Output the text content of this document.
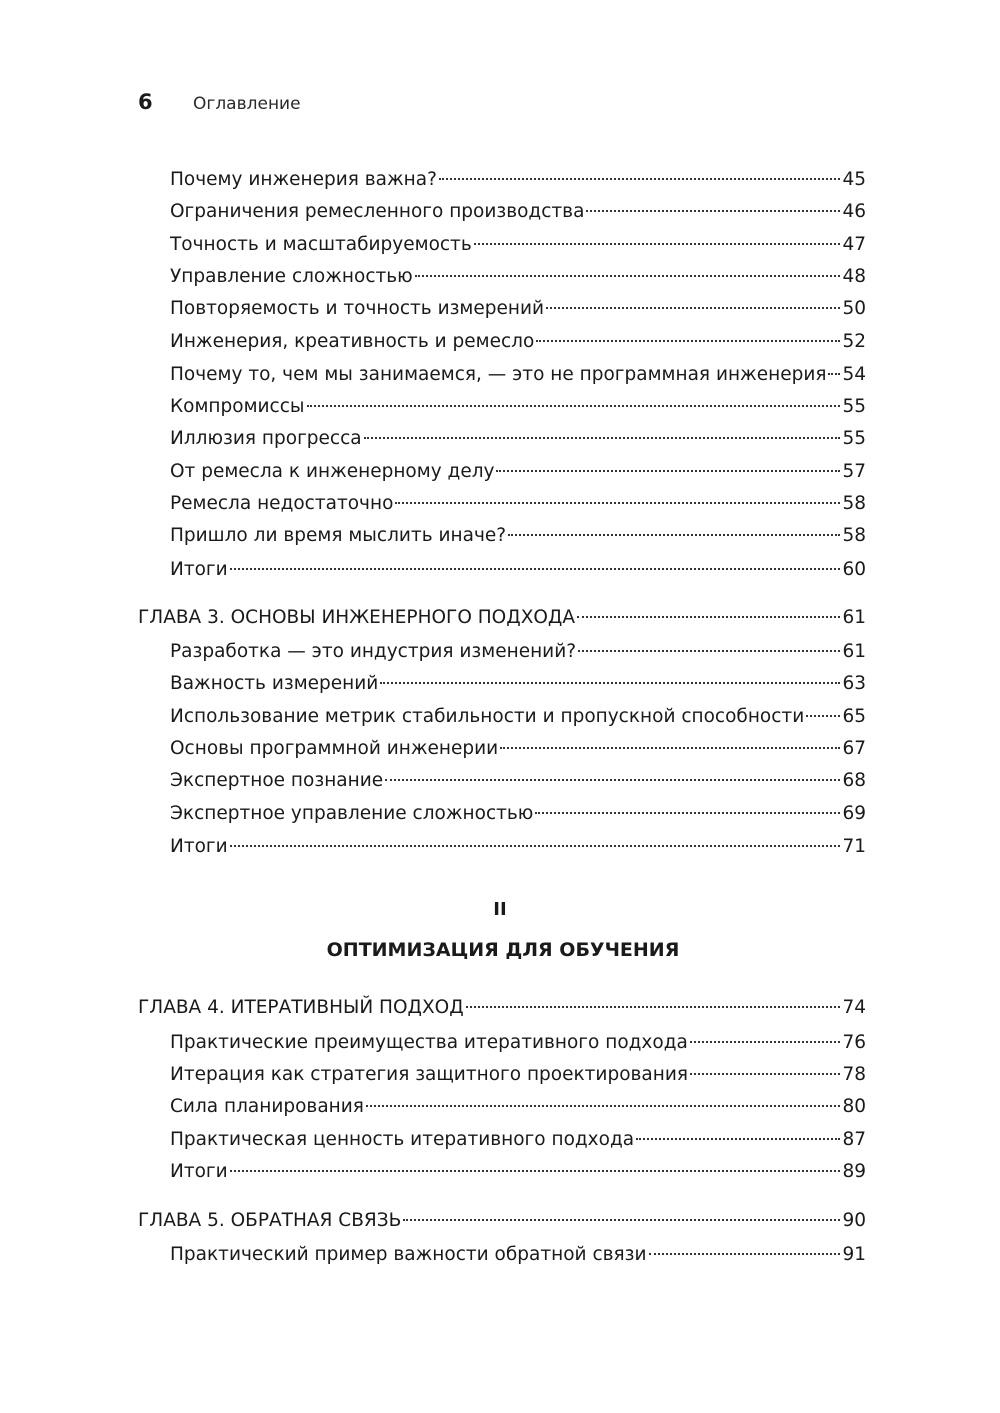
6	Оглавление
Почему инженерия важна?	45
Ограничения ремесленного производства	46
Точность и масштабируемость	47
Управление сложностью	48
Повторяемость и точность измерений	50
Инженерия, креативность и ремесло	52
Почему то, чем мы занимаемся, — это не программная инженерия 54
Компромиссы	55
Иллюзия прогресса	55
От ремесла к инженерному делу	57
Ремесла недостаточно	58
Пришло ли время мыслить иначе?	58
Итоги	60
ГЛАВА 3. ОСНОВЫ ИНЖЕНЕРНОГО ПОДХОДА	61
Разработка — это индустрия изменений?	61
Важность измерений	63
Использование метрик стабильности и пропускной способности 65
Основы программной инженерии	67
Экспертное познание	68
Экспертное управление сложностью	69
Итоги	71
II
ОПТИМИЗАЦИЯ ДЛЯ ОБУЧЕНИЯ
ГЛАВА 4. ИТЕРАТИВНЫЙ ПОДХОД	74
Практические преимущества итеративного подхода	76
Итерация как стратегия защитного проектирования	78
Сила планирования	80
Практическая ценность итеративного подхода	87
Итоги	89
ГЛАВА 5. ОБРАТНАЯ СВЯЗЬ	90
Практический пример важности обратной связи	91
